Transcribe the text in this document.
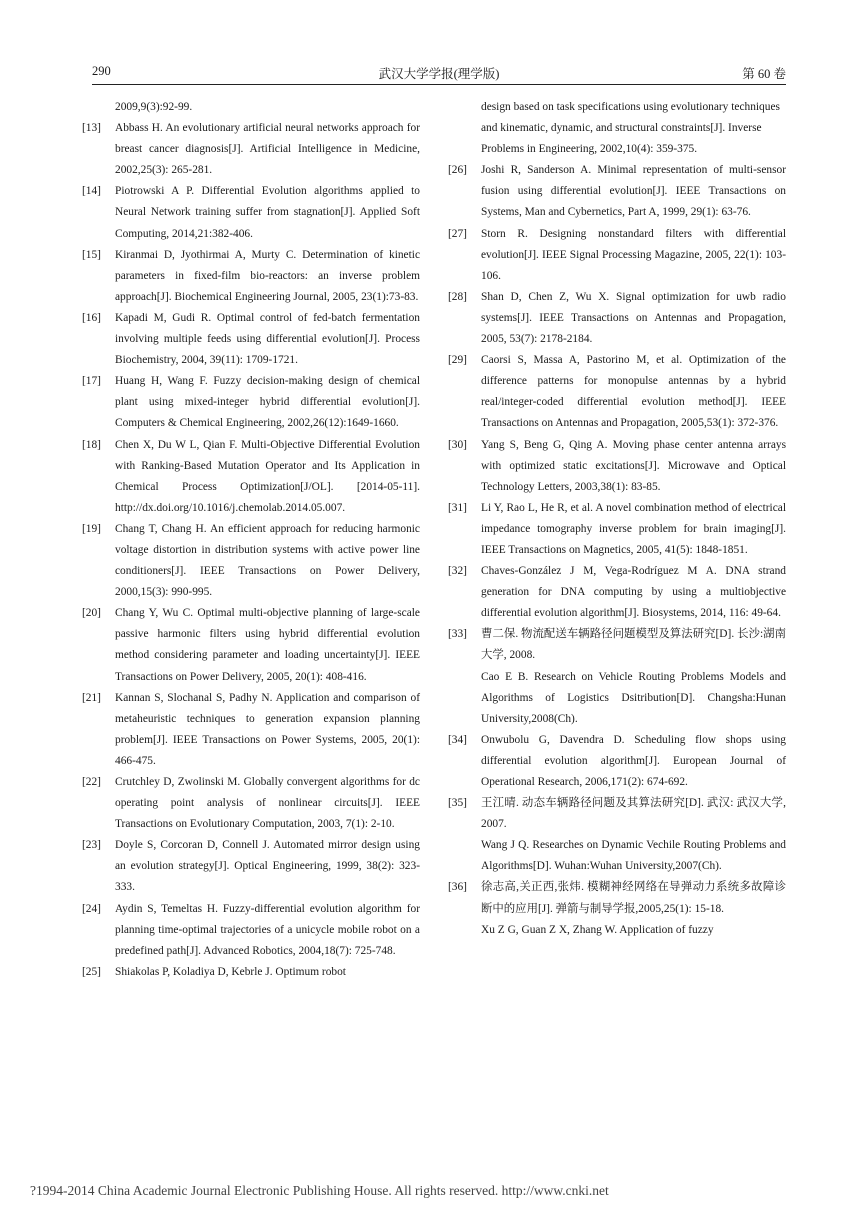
290	武汉大学学报(理学版)	第 60 卷
2009,9(3):92-99.
[13] Abbass H. An evolutionary artificial neural networks approach for breast cancer diagnosis[J]. Artificial Intelligence in Medicine, 2002,25(3): 265-281.
[14] Piotrowski A P. Differential Evolution algorithms applied to Neural Network training suffer from stagnation[J]. Applied Soft Computing, 2014,21:382-406.
[15] Kiranmai D, Jyothirmai A, Murty C. Determination of kinetic parameters in fixed-film bio-reactors: an inverse problem approach[J]. Biochemical Engineering Journal, 2005, 23(1):73-83.
[16] Kapadi M, Gudi R. Optimal control of fed-batch fermentation involving multiple feeds using differential evolution[J]. Process Biochemistry, 2004, 39(11): 1709-1721.
[17] Huang H, Wang F. Fuzzy decision-making design of chemical plant using mixed-integer hybrid differential evolution[J]. Computers & Chemical Engineering, 2002,26(12):1649-1660.
[18] Chen X, Du W L, Qian F. Multi-Objective Differential Evolution with Ranking-Based Mutation Operator and Its Application in Chemical Process Optimization[J/OL]. [2014-05-11]. http://dx.doi.org/10.1016/j.chemolab.2014.05.007.
[19] Chang T, Chang H. An efficient approach for reducing harmonic voltage distortion in distribution systems with active power line conditioners[J]. IEEE Transactions on Power Delivery, 2000,15(3): 990-995.
[20] Chang Y, Wu C. Optimal multi-objective planning of large-scale passive harmonic filters using hybrid differential evolution method considering parameter and loading uncertainty[J]. IEEE Transactions on Power Delivery, 2005, 20(1): 408-416.
[21] Kannan S, Slochanal S, Padhy N. Application and comparison of metaheuristic techniques to generation expansion planning problem[J]. IEEE Transactions on Power Systems, 2005, 20(1): 466-475.
[22] Crutchley D, Zwolinski M. Globally convergent algorithms for dc operating point analysis of nonlinear circuits[J]. IEEE Transactions on Evolutionary Computation, 2003, 7(1): 2-10.
[23] Doyle S, Corcoran D, Connell J. Automated mirror design using an evolution strategy[J]. Optical Engineering, 1999, 38(2): 323-333.
[24] Aydin S, Temeltas H. Fuzzy-differential evolution algorithm for planning time-optimal trajectories of a unicycle mobile robot on a predefined path[J]. Advanced Robotics, 2004,18(7): 725-748.
[25] Shiakolas P, Koladiya D, Kebrle J. Optimum robot
design based on task specifications using evolutionary techniques and kinematic, dynamic, and structural constraints[J]. Inverse Problems in Engineering, 2002,10(4): 359-375.
[26] Joshi R, Sanderson A. Minimal representation of multi-sensor fusion using differential evolution[J]. IEEE Transactions on Systems, Man and Cybernetics, Part A, 1999, 29(1): 63-76.
[27] Storn R. Designing nonstandard filters with differential evolution[J]. IEEE Signal Processing Magazine, 2005, 22(1): 103-106.
[28] Shan D, Chen Z, Wu X. Signal optimization for uwb radio systems[J]. IEEE Transactions on Antennas and Propagation, 2005, 53(7): 2178-2184.
[29] Caorsi S, Massa A, Pastorino M, et al. Optimization of the difference patterns for monopulse antennas by a hybrid real/integer-coded differential evolution method[J]. IEEE Transactions on Antennas and Propagation, 2005,53(1): 372-376.
[30] Yang S, Beng G, Qing A. Moving phase center antenna arrays with optimized static excitations[J]. Microwave and Optical Technology Letters, 2003,38(1): 83-85.
[31] Li Y, Rao L, He R, et al. A novel combination method of electrical impedance tomography inverse problem for brain imaging[J]. IEEE Transactions on Magnetics, 2005, 41(5): 1848-1851.
[32] Chaves-González J M, Vega-Rodríguez M A. DNA strand generation for DNA computing by using a multiobjective differential evolution algorithm[J]. Biosystems, 2014, 116: 49-64.
[33] 曹二保. 物流配送车辆路径问题模型及算法研究[D]. 长沙:湖南大学, 2008.
Cao E B. Research on Vehicle Routing Problems Models and Algorithms of Logistics Dsitribution[D]. Changsha:Hunan University,2008(Ch).
[34] Onwubolu G, Davendra D. Scheduling flow shops using differential evolution algorithm[J]. European Journal of Operational Research, 2006,171(2): 674-692.
[35] 王江晴. 动态车辆路径问题及其算法研究[D]. 武汉: 武汉大学, 2007.
Wang J Q. Researches on Dynamic Vechile Routing Problems and Algorithms[D]. Wuhan:Wuhan University,2007(Ch).
[36] 徐志高,关正西,张炜. 模糊神经网络在导弹动力系统多故障诊断中的应用[J]. 弹箭与制导学报,2005,25(1): 15-18.
Xu Z G, Guan Z X, Zhang W. Application of fuzzy
?1994-2014 China Academic Journal Electronic Publishing House. All rights reserved. http://www.cnki.net
